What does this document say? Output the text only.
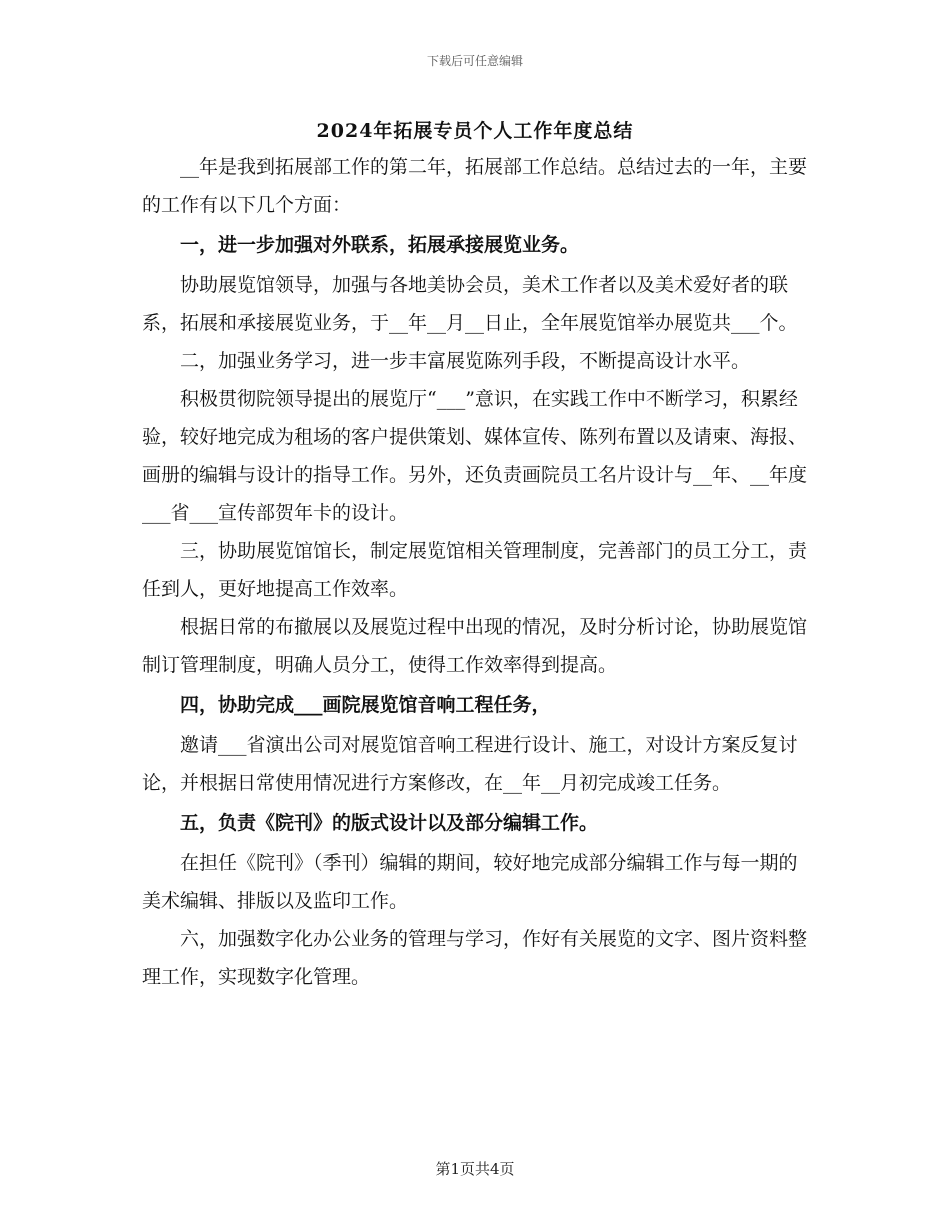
下载后可任意编辑
2024年拓展专员个人工作年度总结

__年是我到拓展部工作的第二年，拓展部工作总结。总结过去的一年，主要的工作有以下几个方面：

一，进一步加强对外联系，拓展承接展览业务。

协助展览馆领导，加强与各地美协会员，美术工作者以及美术爱好者的联系，拓展和承接展览业务，于__年__月__日止，全年展览馆举办展览共___个。

二，加强业务学习，进一步丰富展览陈列手段，不断提高设计水平。

积极贯彻院领导提出的展览厅“___”意识，在实践工作中不断学习，积累经验，较好地完成为租场的客户提供策划、媒体宣传、陈列布置以及请柬、海报、画册的编辑与设计的指导工作。另外，还负责画院员工名片设计与__年、__年度___省___宣传部贺年卡的设计。

三，协助展览馆馆长，制定展览馆相关管理制度，完善部门的员工分工，责任到人，更好地提高工作效率。

根据日常的布撤展以及展览过程中出现的情况，及时分析讨论，协助展览馆制订管理制度，明确人员分工，使得工作效率得到提高。

四，协助完成___画院展览馆音响工程任务，

邀请___省演出公司对展览馆音响工程进行设计、施工，对设计方案反复讨论，并根据日常使用情况进行方案修改，在__年__月初完成竣工任务。

五，负责《院刊》的版式设计以及部分编辑工作。

在担任《院刊》（季刊）编辑的期间，较好地完成部分编辑工作与每一期的美术编辑、排版以及监印工作。

六，加强数字化办公业务的管理与学习，作好有关展览的文字、图片资料整理工作，实现数字化管理。

第1页共4页
